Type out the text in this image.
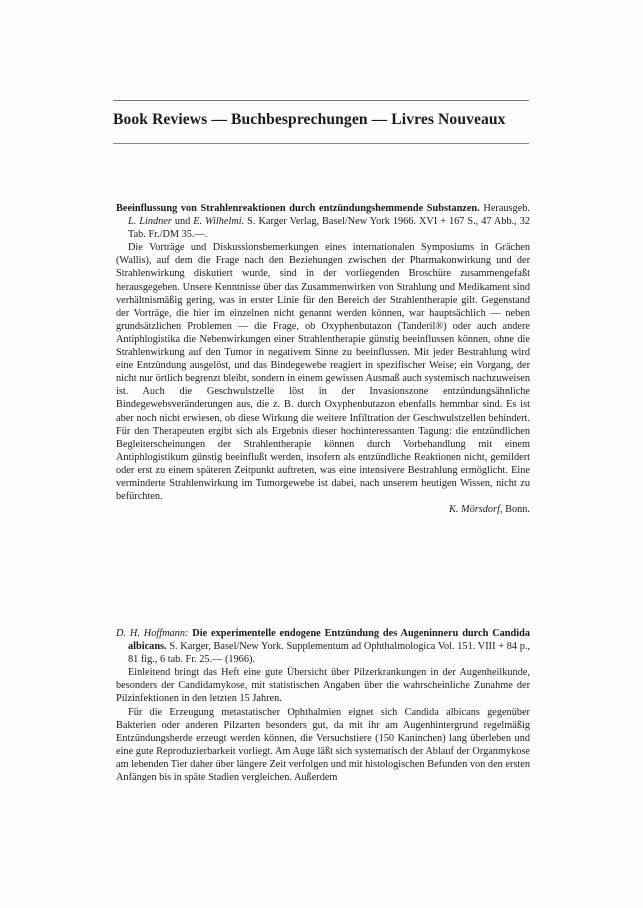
Book Reviews — Buchbesprechungen — Livres Nouveaux

Beeinflussung von Strahlenreaktionen durch entzündungshemmende Substanzen. Herausgeb. L. Lindner und E. Wilhelmi. S. Karger Verlag, Basel/New York 1966. XVI + 167 S., 47 Abb., 32 Tab. Fr./DM 35.—.

Die Vorträge und Diskussionsbemerkungen eines internationalen Symposiums in Grächen (Wallis), auf dem die Frage nach den Beziehungen zwischen der Pharmakonwirkung und der Strahlenwirkung diskutiert wurde, sind in der vorliegenden Broschüre zusammengefaßt herausgegeben. Unsere Kenntnisse über das Zusammenwirken von Strahlung und Medikament sind verhältnismäßig gering, was in erster Linie für den Bereich der Strahlentherapie gilt. Gegenstand der Vorträge, die hier im einzelnen nicht genannt werden können, war hauptsächlich — neben grundsätzlichen Problemen — die Frage, ob Oxyphenbutazon (Tanderil®) oder auch andere Antiphlogistika die Nebenwirkungen einer Strahlentherapie günstig beeinflussen können, ohne die Strahlenwirkung auf den Tumor in negativem Sinne zu beeinflussen. Mit jeder Bestrahlung wird eine Entzündung ausgelöst, und das Bindegewebe reagiert in spezifischer Weise; ein Vorgang, der nicht nur örtlich begrenzt bleibt, sondern in einem gewissen Ausmaß auch systemisch nachzuweisen ist. Auch die Geschwulstzelle löst in der Invasionszone entzündungsähnliche Bindegewebsveränderungen aus, die z. B. durch Oxyphenbutazon ebenfalls hemmbar sind. Es ist aber noch nicht erwiesen, ob diese Wirkung die weitere Infiltration der Geschwulstzellen behindert. Für den Therapeuten ergibt sich als Ergebnis dieser hochinteressanten Tagung: die entzündlichen Begleiterscheinungen der Strahlentherapie können durch Vorbehandlung mit einem Antiphlogistikum günstig beeinflußt werden, insofern als entzündliche Reaktionen nicht, gemildert oder erst zu einem späteren Zeitpunkt auftreten, was eine intensivere Bestrahlung ermöglicht. Eine verminderte Strahlenwirkung im Tumorgewebe ist dabei, nach unserem heutigen Wissen, nicht zu befürchten.

K. Mörsdorf, Bonn.

D. H. Hoffmann: Die experimentelle endogene Entzündung des Augeninneru durch Candida albicans. S. Karger, Basel/New York. Supplementum ad Ophthalmologica Vol. 151. VIII + 84 p., 81 fig., 6 tab. Fr. 25.— (1966).

Einleitend bringt das Heft eine gute Übersicht über Pilzerkrankungen in der Augenheilkunde, besonders der Candidamykose, mit statistischen Angaben über die wahrscheinliche Zunahme der Pilzinfektionen in den letzten 15 Jahren.

Für die Erzeugung metastatischer Ophthalmien eignet sich Candida albicans gegenüber Bakterien oder anderen Pilzarten besonders gut, da mit ihr am Augenhintergrund regelmäßig Entzündungsherde erzeugt werden können, die Versuchstiere (150 Kaninchen) lang überleben und eine gute Reproduzierbarkeit vorliegt. Am Auge läßt sich systematisch der Ablauf der Organmykose am lebenden Tier daher über längere Zeit verfolgen und mit histologischen Befunden von den ersten Anfängen bis in späte Stadien vergleichen. Außerdem
